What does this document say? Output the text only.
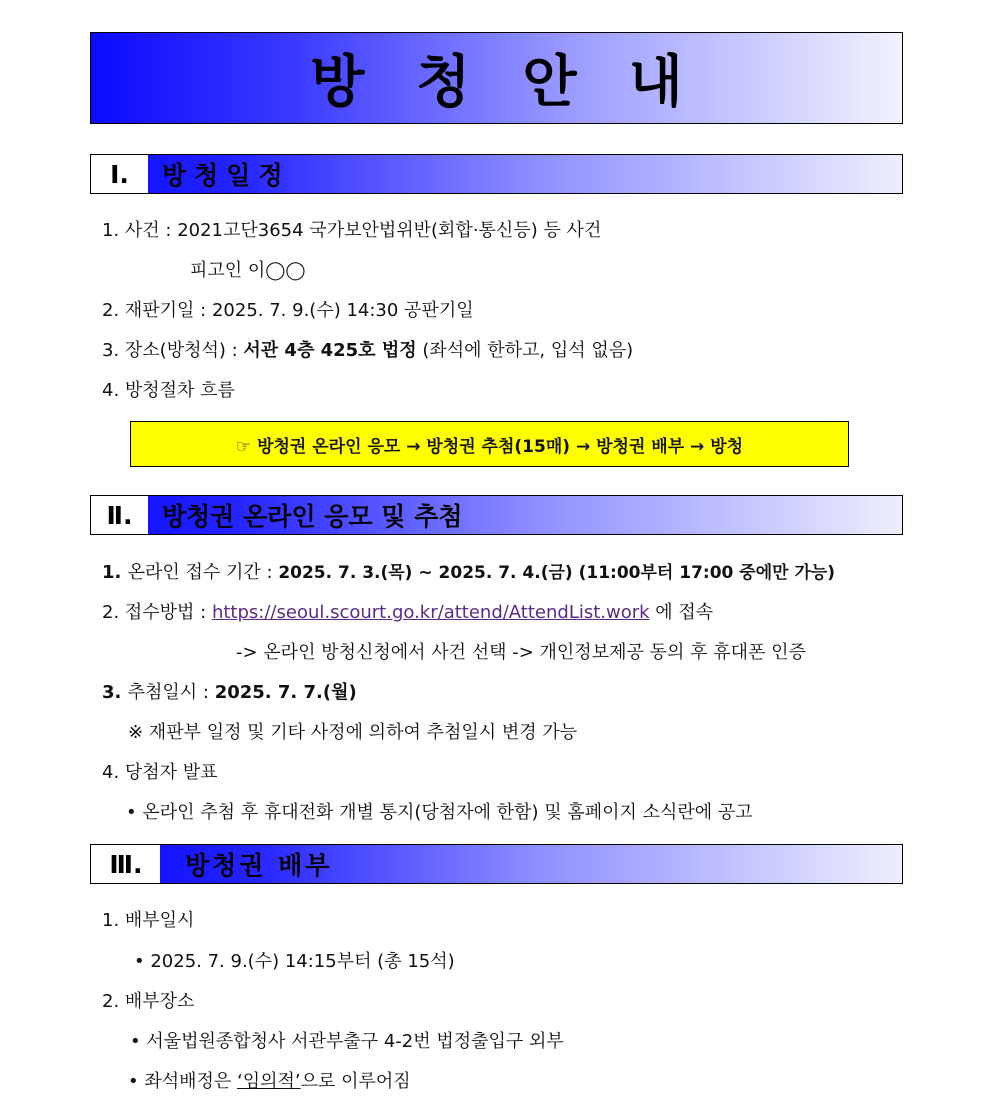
방청안내
Ⅰ.	방청일정
1. 사건 : 2021고단3654 국가보안법위반(회합·통신등) 등 사건
피고인 이◯◯
2. 재판기일 : 2025. 7. 9.(수) 14:30 공판기일
3. 장소(방청석) : 서관 4층 425호 법정 (좌석에 한하고, 입석 없음)
4. 방청절차 흐름
☞ 방청권 온라인 응모 → 방청권 추첨(15매) → 방청권 배부 → 방청
Ⅱ.	방청권 온라인 응모 및 추첨
1. 온라인 접수 기간 : 2025. 7. 3.(목) ~ 2025. 7. 4.(금) (11:00부터 17:00 중에만 가능)
2. 접수방법 : https://seoul.scourt.go.kr/attend/AttendList.work 에 접속
-> 온라인 방청신청에서 사건 선택 -> 개인정보제공 동의 후 휴대폰 인증
3. 추첨일시 : 2025. 7. 7.(월)
※ 재판부 일정 및 기타 사정에 의하여 추첨일시 변경 가능
4. 당첨자 발표
• 온라인 추첨 후 휴대전화 개별 통지(당첨자에 한함) 및 홈페이지 소식란에 공고
Ⅲ.	방청권 배부
1. 배부일시
• 2025. 7. 9.(수) 14:15부터 (총 15석)
2. 배부장소
• 서울법원종합청사 서관부출구 4-2번 법정출입구 외부
• 좌석배정은 ‘임의적’으로 이루어짐
